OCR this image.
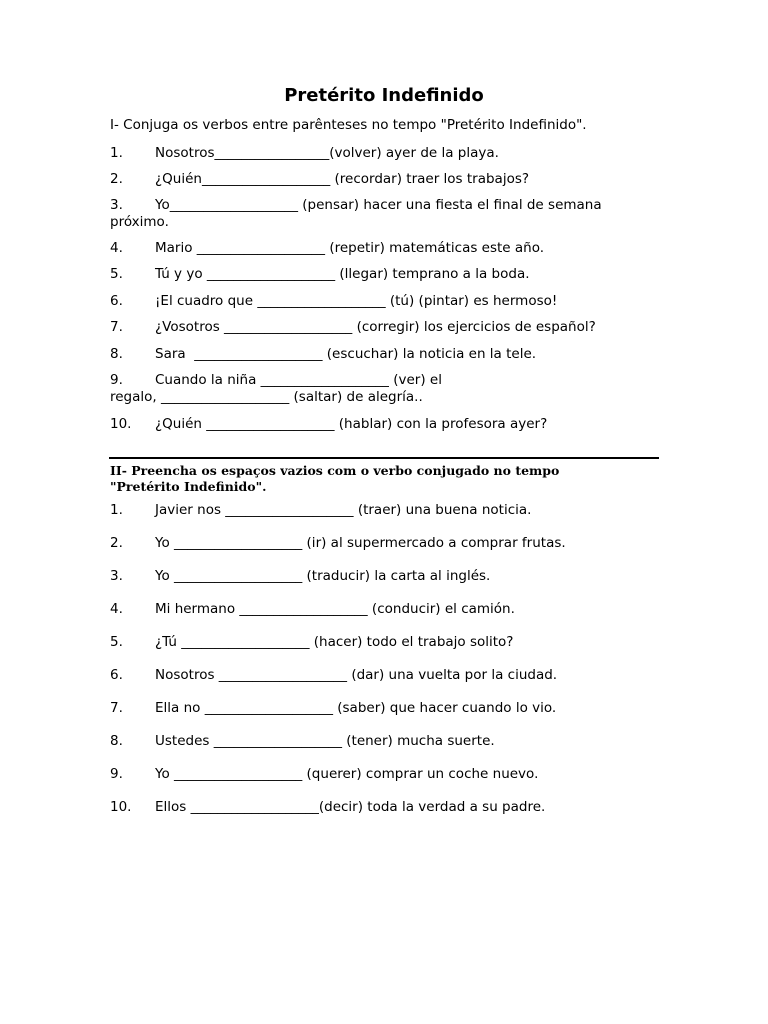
Pretérito Indefinido
I- Conjuga os verbos entre parênteses no tempo "Pretérito Indefinido".
1. Nosotros_________________(volver) ayer de la playa.
2. ¿Quién___________________ (recordar) traer los trabajos?
3. Yo___________________ (pensar) hacer una fiesta el final de semana próximo.
4. Mario ___________________ (repetir) matemáticas este año.
5. Tú y yo ___________________ (llegar) temprano a la boda.
6. ¡El cuadro que ___________________ (tú) (pintar) es hermoso!
7. ¿Vosotros ___________________ (corregir) los ejercicios de español?
8. Sara  ___________________ (escuchar) la noticia en la tele.
9. Cuando la niña ___________________ (ver) el regalo, ___________________ (saltar) de alegría..
10. ¿Quién ___________________ (hablar) con la profesora ayer?
II- Preencha os espaços vazios com o verbo conjugado no tempo "Pretérito Indefinido".
1. Javier nos ___________________ (traer) una buena noticia.
2. Yo ___________________ (ir) al supermercado a comprar frutas.
3. Yo ___________________ (traducir) la carta al inglés.
4. Mi hermano ___________________ (conducir) el camión.
5. ¿Tú ___________________ (hacer) todo el trabajo solito?
6. Nosotros ___________________ (dar) una vuelta por la ciudad.
7. Ella no ___________________ (saber) que hacer cuando lo vio.
8. Ustedes ___________________ (tener) mucha suerte.
9. Yo ___________________ (querer) comprar un coche nuevo.
10. Ellos ___________________(decir) toda la verdad a su padre.
